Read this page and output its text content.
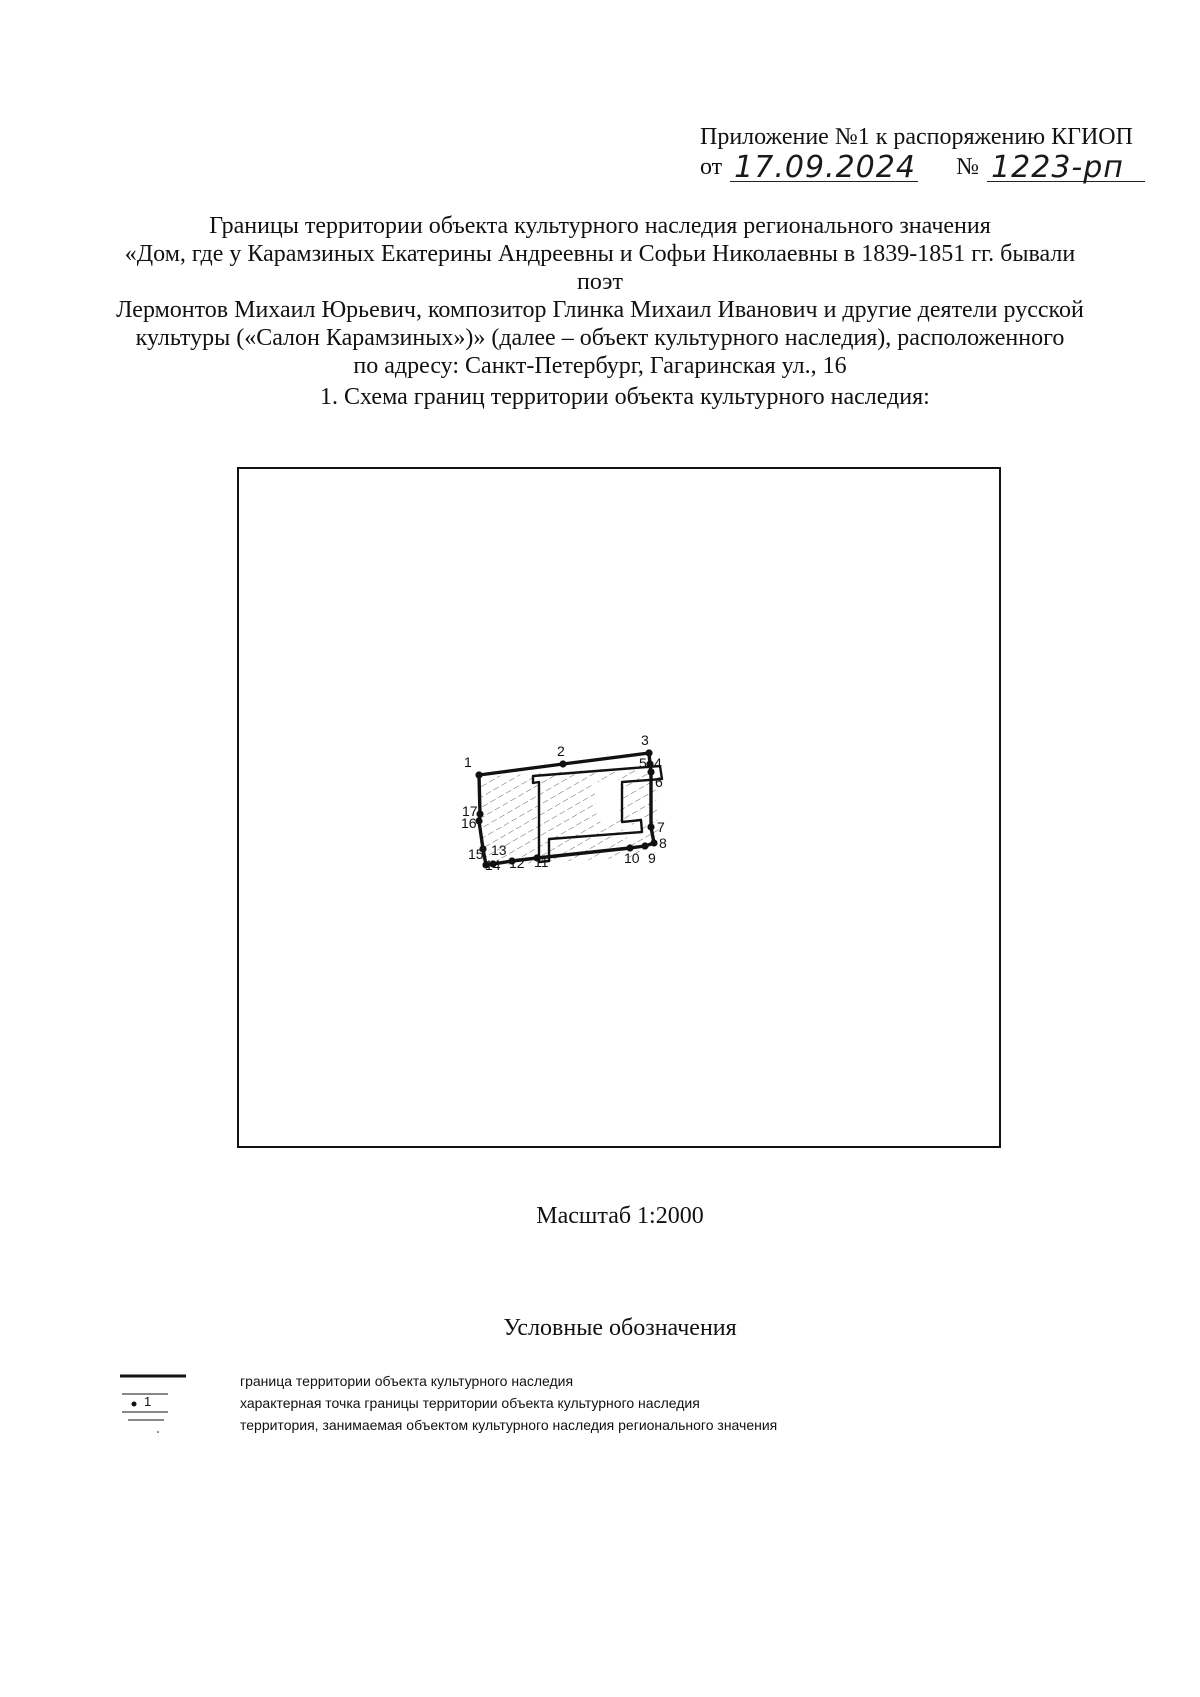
Приложение №1 к распоряжению КГИОП
от 17.09.2024 № 1223-рп
Границы территории объекта культурного наследия регионального значения
«Дом, где у Карамзиных Екатерины Андреевны и Софьи Николаевны в 1839-1851 гг. бывали поэт
Лермонтов Михаил Юрьевич, композитор Глинка Михаил Иванович и другие деятели русской
культуры («Салон Карамзиных»)» (далее – объект культурного наследия), расположенного
по адресу: Санкт-Петербург, Гагаринская ул., 16
1. Схема границ территории объекта культурного наследия:
1
2
3
4
5
6
7
8
9
10
11
12
13
14
15
16
17
Масштаб 1:2000
Условные обозначения
граница территории объекта культурного наследия
1	характерная точка границы территории объекта культурного наследия
территория, занимаемая объектом культурного наследия регионального значения
